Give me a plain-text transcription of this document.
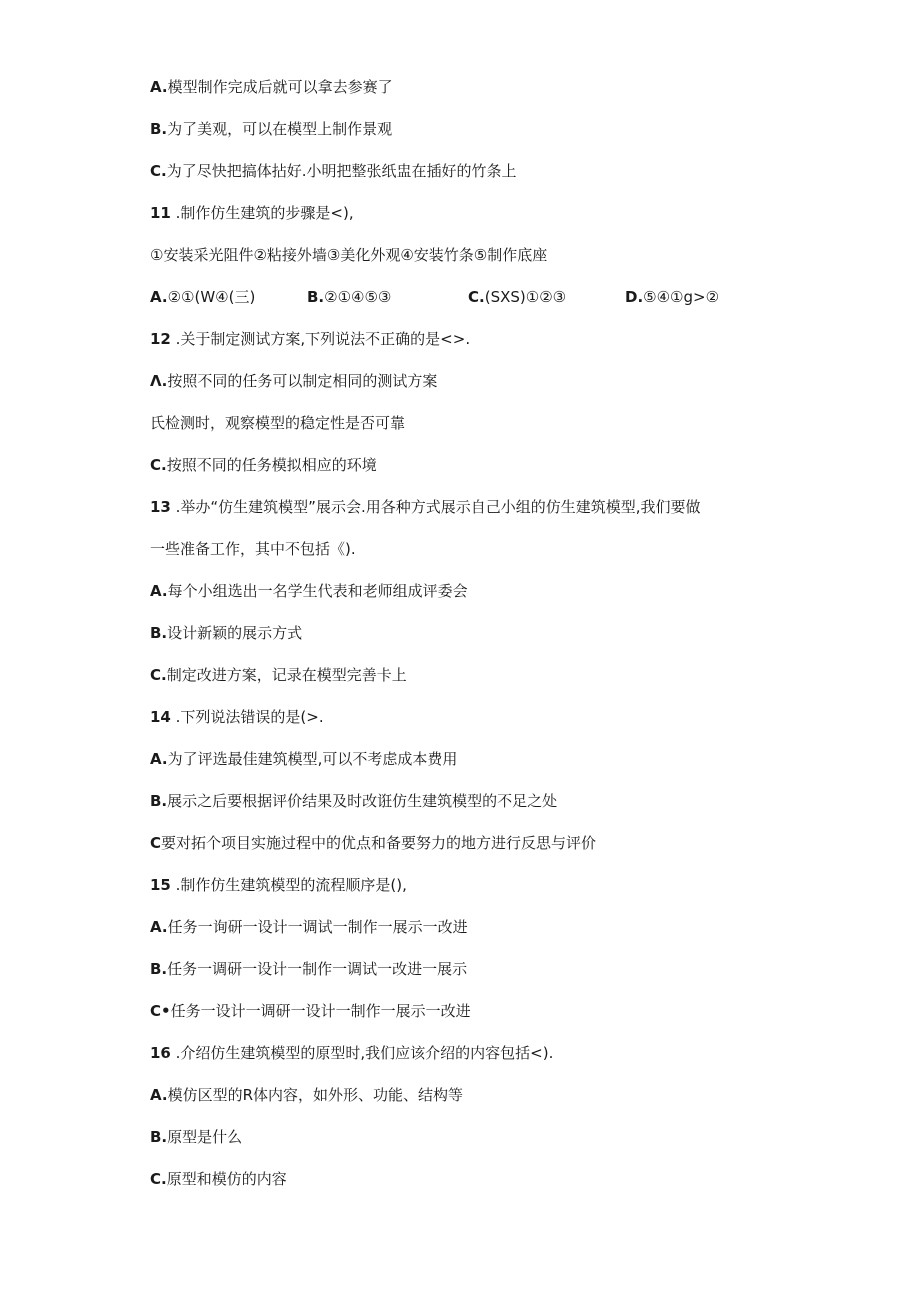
A.模型制作完成后就可以拿去参赛了

B.为了美观，可以在模型上制作景观

C.为了尽快把搞体拈好.小明把整张纸盅在插好的竹条上

11 .制作仿生建筑的步骤是<),

①安装采光阻件②粘接外墙③美化外观④安装竹条⑤制作底座

A.②①(W④(三)	B.②①④⑤③	C.(SXS)①②③	D.⑤④①g>②

12 .关于制定测试方案,下列说法不正确的是<>.

Λ.按照不同的任务可以制定相同的测试方案

氏检测时，观察模型的稳定性是否可靠

C.按照不同的任务模拟相应的环境

13 .举办“仿生建筑模型”展示会.用各种方式展示自己小组的仿生建筑模型,我们要做

一些准备工作，其中不包括《).

A.每个小组选出一名学生代表和老师组成评委会

B.设计新颖的展示方式

C.制定改进方案，记录在模型完善卡上

14 .下列说法错误的是(>.

A.为了评选最佳建筑模型,可以不考虑成本费用

B.展示之后要根据评价结果及时改诳仿生建筑模型的不足之处

C要对拓个项目实施过程中的优点和备要努力的地方进行反思与评价

15 .制作仿生建筑模型的流程顺序是(),

A.任务一询研一设计一调试一制作一展示一改进

B.任务一调研一设计一制作一调试一改进一展示

C•任务一设计一调研一设计一制作一展示一改进

16 .介绍仿生建筑模型的原型时,我们应该介绍的内容包括<).

A.模仿区型的R体内容，如外形、功能、结构等

B.原型是什么

C.原型和模仿的内容
